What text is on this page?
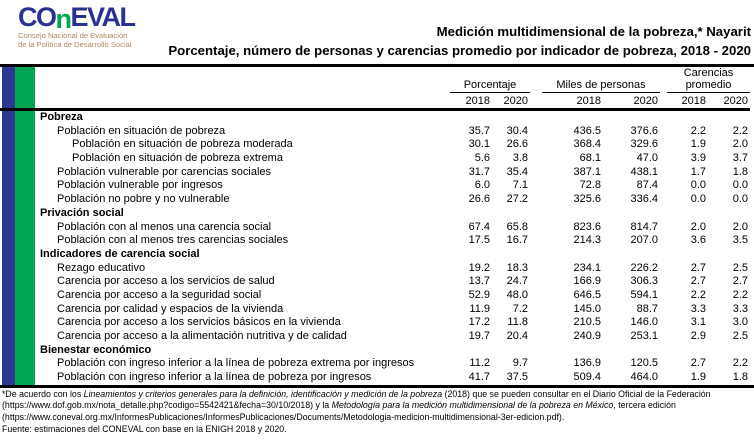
COnEVAL
Consejo Nacional de Evaluación
de la Política de Desarrollo Social
Medición multidimensional de la pobreza,* Nayarit
Porcentaje, número de personas y carencias promedio por indicador de pobreza, 2018 - 2020
Porcentaje	Miles de personas
Carencias promedio
2018	2020	2018	2020	2018	2020
Pobreza
Población en situación de pobreza	35.7	30.4	436.5	376.6	2.2	2.2
Población en situación de pobreza moderada	30.1	26.6	368.4	329.6	1.9	2.0
Población en situación de pobreza extrema	5.6	3.8	68.1	47.0	3.9	3.7
Población vulnerable por carencias sociales	31.7	35.4	387.1	438.1	1.7	1.8
Población vulnerable por ingresos	6.0	7.1	72.8	87.4	0.0	0.0
Población no pobre y no vulnerable	26.6	27.2	325.6	336.4	0.0	0.0
Privación social
Población con al menos una carencia social	67.4	65.8	823.6	814.7	2.0	2.0
Población con al menos tres carencias sociales	17.5	16.7	214.3	207.0	3.6	3.5
Indicadores de carencia social
Rezago educativo	19.2	18.3	234.1	226.2	2.7	2.5
Carencia por acceso a los servicios de salud	13.7	24.7	166.9	306.3	2.7	2.7
Carencia por acceso a la seguridad social	52.9	48.0	646.5	594.1	2.2	2.2
Carencia por calidad y espacios de la vivienda	11.9	7.2	145.0	88.7	3.3	3.3
Carencia por acceso a los servicios básicos en la vivienda	17.2	11.8	210.5	146.0	3.1	3.0
Carencia por acceso a la alimentación nutritiva y de calidad	19.7	20.4	240.9	253.1	2.9	2.5
Bienestar económico
Población con ingreso inferior a la línea de pobreza extrema por ingresos	11.2	9.7	136.9	120.5	2.7	2.2
Población con ingreso inferior a la línea de pobreza por ingresos	41.7	37.5	509.4	464.0	1.9	1.8
*De acuerdo con los Lineamientos y criterios generales para la definición, identificación y medición de la pobreza (2018) que se pueden consultar en el Diario Oficial de la Federación
(https://www.dof.gob.mx/nota_detalle.php?codigo=5542421&fecha=30/10/2018) y la Metodología para la medición multidimensional de la pobreza en México, tercera edición
(https://www.coneval.org.mx/InformesPublicaciones/InformesPublicaciones/Documents/Metodologia-medicion-multidimensional-3er-edicion.pdf).
Fuente: estimaciones del CONEVAL con base en la ENIGH 2018 y 2020.
